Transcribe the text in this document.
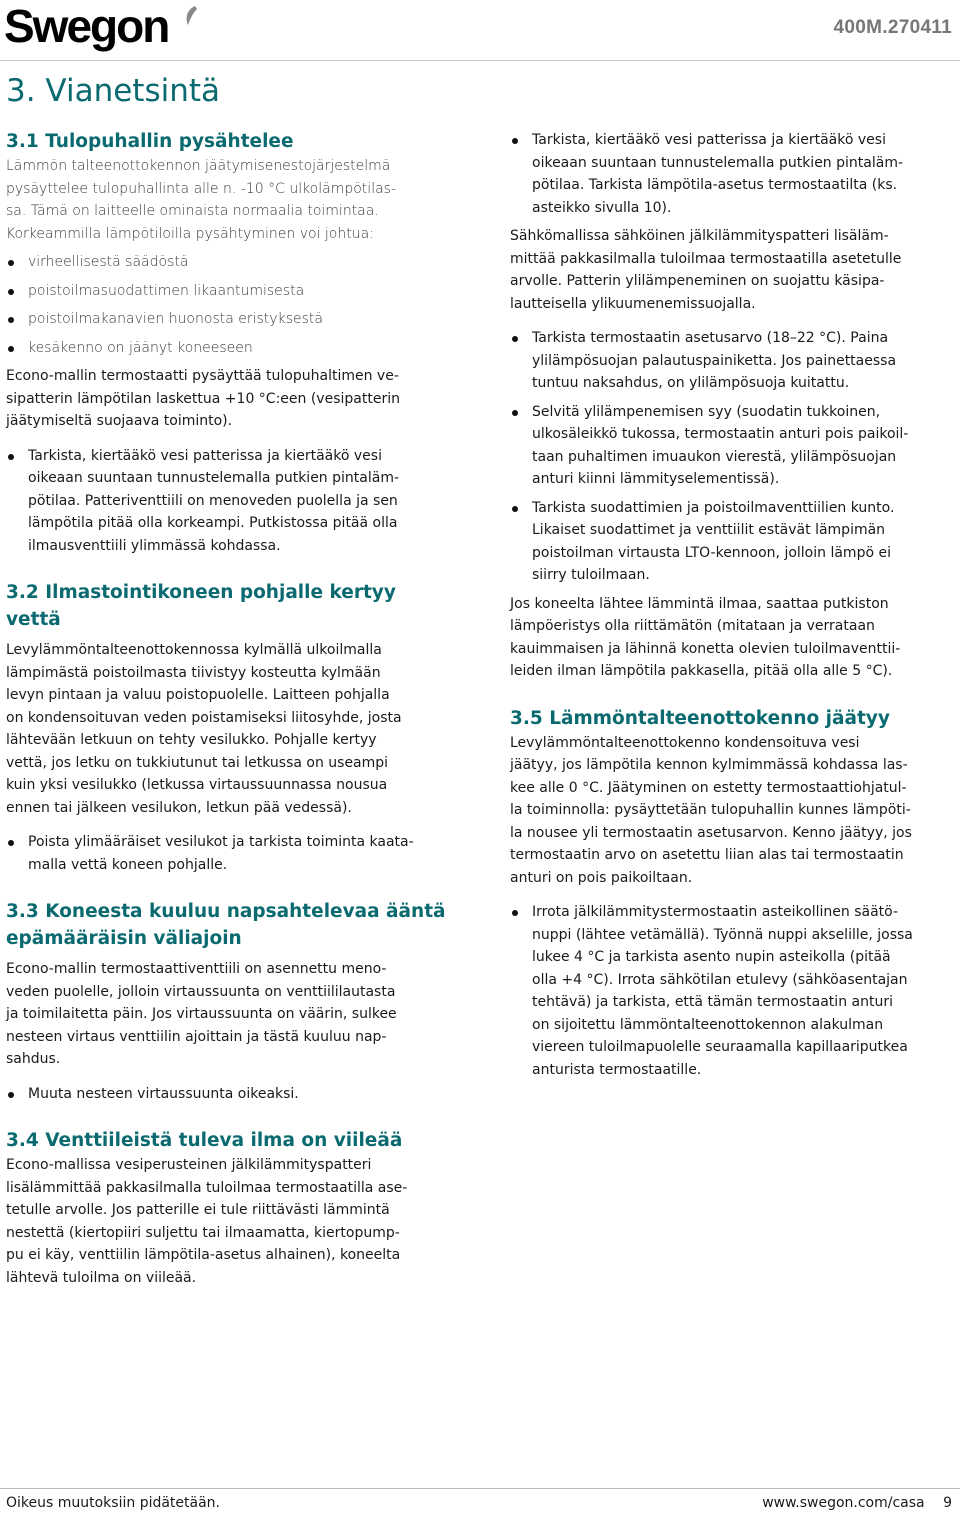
Swegon	400M.270411
3. Vianetsintä
3.1 Tulopuhallin pysähtelee

Lämmön talteenottokennon jäätymisenestojärjestelmä

pysäyttelee tulopuhallinta alle n. -10 °C ulkolämpötilas-

sa. Tämä on laitteelle ominaista normaalia toimintaa.

Korkeammilla lämpötiloilla pysähtyminen voi johtua:

virheellisestä säädöstä
poistoilmasuodattimen likaantumisesta
poistoilmakanavien huonosta eristyksestä
kesäkenno on jäänyt koneeseen

Econo-mallin termostaatti pysäyttää tulopuhaltimen ve-

sipatterin lämpötilan laskettua +10 °C:een (vesipatterin

jäätymiseltä suojaava toiminto).

Tarkista, kiertääkö vesi patterissa ja kiertääkö vesi
oikeaan suuntaan tunnustelemalla putkien pintaläm-
pötilaa. Patteriventtiili on menoveden puolella ja sen
lämpötila pitää olla korkeampi. Putkistossa pitää olla
ilmausventtiili ylimmässä kohdassa.
3.2 Ilmastointikoneen pohjalle kertyy
vettä

Levylämmöntalteenottokennossa kylmällä ulkoilmalla

lämpimästä poistoilmasta tiivistyy kosteutta kylmään

levyn pintaan ja valuu poistopuolelle. Laitteen pohjalla

on kondensoituvan veden poistamiseksi liitosyhde, josta

lähtevään letkuun on tehty vesilukko. Pohjalle kertyy

vettä, jos letku on tukkiutunut tai letkussa on useampi

kuin yksi vesilukko (letkussa virtaussuunnassa nousua

ennen tai jälkeen vesilukon, letkun pää vedessä).

Poista ylimääräiset vesilukot ja tarkista toiminta kaata-
malla vettä koneen pohjalle.
3.3 Koneesta kuuluu napsahtelevaa ääntä
epämääräisin väliajoin

Econo-mallin termostaattiventtiili on asennettu meno-

veden puolelle, jolloin virtaussuunta on venttiililautasta

ja toimilaitetta päin. Jos virtaussuunta on väärin, sulkee

nesteen virtaus venttiilin ajoittain ja tästä kuuluu nap-

sahdus.

Muuta nesteen virtaussuunta oikeaksi.
3.4 Venttiileistä tuleva ilma on viileää

Econo-mallissa vesiperusteinen jälkilämmityspatteri

lisälämmittää pakkasilmalla tuloilmaa termostaatilla ase-

tetulle arvolle. Jos patterille ei tule riittävästi lämmintä

nestettä (kiertopiiri suljettu tai ilmaamatta, kiertopump-

pu ei käy, venttiilin lämpötila-asetus alhainen), koneelta

lähtevä tuloilma on viileää.

Tarkista, kiertääkö vesi patterissa ja kiertääkö vesi
oikeaan suuntaan tunnustelemalla putkien pintaläm-
pötilaa. Tarkista lämpötila-asetus termostaatilta (ks.
asteikko sivulla 10).

Sähkömallissa sähköinen jälkilämmityspatteri lisäläm-

mittää pakkasilmalla tuloilmaa termostaatilla asetetulle

arvolle. Patterin ylilämpeneminen on suojattu käsipa-

lautteisella ylikuumenemissuojalla.

Tarkista termostaatin asetusarvo (18–22 °C). Paina
ylilämpösuojan palautuspainiketta. Jos painettaessa
tuntuu naksahdus, on ylilämpösuoja kuitattu.
Selvitä ylilämpenemisen syy (suodatin tukkoinen,
ulkosäleikkö tukossa, termostaatin anturi pois paikoil-
taan puhaltimen imuaukon vierestä, ylilämpösuojan
anturi kiinni lämmityselementissä).
Tarkista suodattimien ja poistoilmaventtiilien kunto.
Likaiset suodattimet ja venttiilit estävät lämpimän
poistoilman virtausta LTO-kennoon, jolloin lämpö ei
siirry tuloilmaan.

Jos koneelta lähtee lämmintä ilmaa, saattaa putkiston

lämpöeristys olla riittämätön (mitataan ja verrataan

kauimmaisen ja lähinnä konetta olevien tuloilmaventtii-

leiden ilman lämpötila pakkasella, pitää olla alle 5 °C).

3.5 Lämmöntalteenottokenno jäätyy

Levylämmöntalteenottokenno kondensoituva vesi

jäätyy, jos lämpötila kennon kylmimmässä kohdassa las-

kee alle 0 °C. Jäätyminen on estetty termostaattiohjatul-

la toiminnolla: pysäyttetään tulopuhallin kunnes lämpöti-

la nousee yli termostaatin asetusarvon. Kenno jäätyy, jos

termostaatin arvo on asetettu liian alas tai termostaatin

anturi on pois paikoiltaan.

Irrota jälkilämmitystermostaatin asteikollinen säätö-
nuppi (lähtee vetämällä). Työnnä nuppi akselille, jossa
lukee 4 °C ja tarkista asento nupin asteikolla (pitää
olla +4 °C). Irrota sähkötilan etulevy (sähköasentajan
tehtävä) ja tarkista, että tämän termostaatin anturi
on sijoitettu lämmöntalteenottokennon alakulman
viereen tuloilmapuolelle seuraamalla kapillaariputkea
anturista termostaatille.
Oikeus muutoksiin pidätetään.	www.swegon.com/casa 9
